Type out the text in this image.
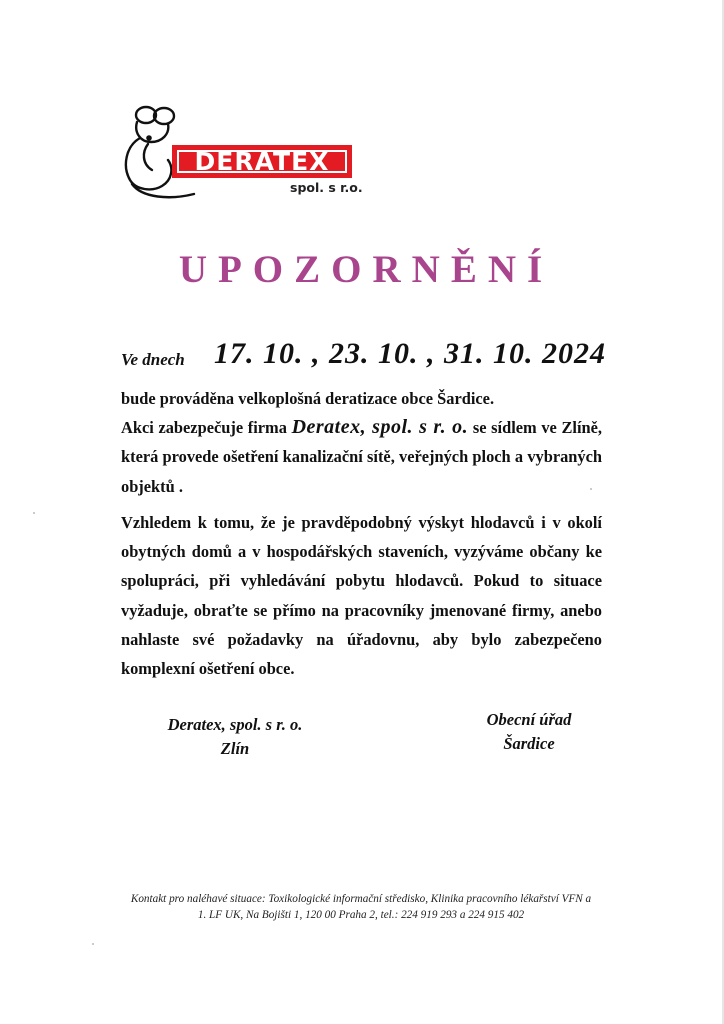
DERATEX
spol. s r.o.
UPOZORNĚNÍ
Ve dnech 17. 10. , 23. 10. , 31. 10. 2024
bude prováděna velkoplošná deratizace obce Šardice.
Akci zabezpečuje firma Deratex, spol. s r. o. se sídlem ve Zlíně,
která provede ošetření kanalizační sítě, veřejných ploch a vybraných
objektů .
Vzhledem k tomu, že je pravděpodobný výskyt hlodavců i v okolí
obytných domů a v hospodářských staveních, vyzýváme občany ke
spolupráci, při vyhledávání pobytu hlodavců. Pokud to situace
vyžaduje, obraťte se přímo na pracovníky jmenované firmy, anebo
nahlaste své požadavky na úřadovnu, aby bylo zabezpečeno
komplexní ošetření obce.
Deratex, spol. s r. o.
Zlín
Obecní úřad
Šardice
Kontakt pro naléhavé situace: Toxikologické informační středisko, Klinika pracovního lékařství VFN a
1. LF UK, Na Bojišti 1, 120 00 Praha 2, tel.: 224 919 293 a 224 915 402
